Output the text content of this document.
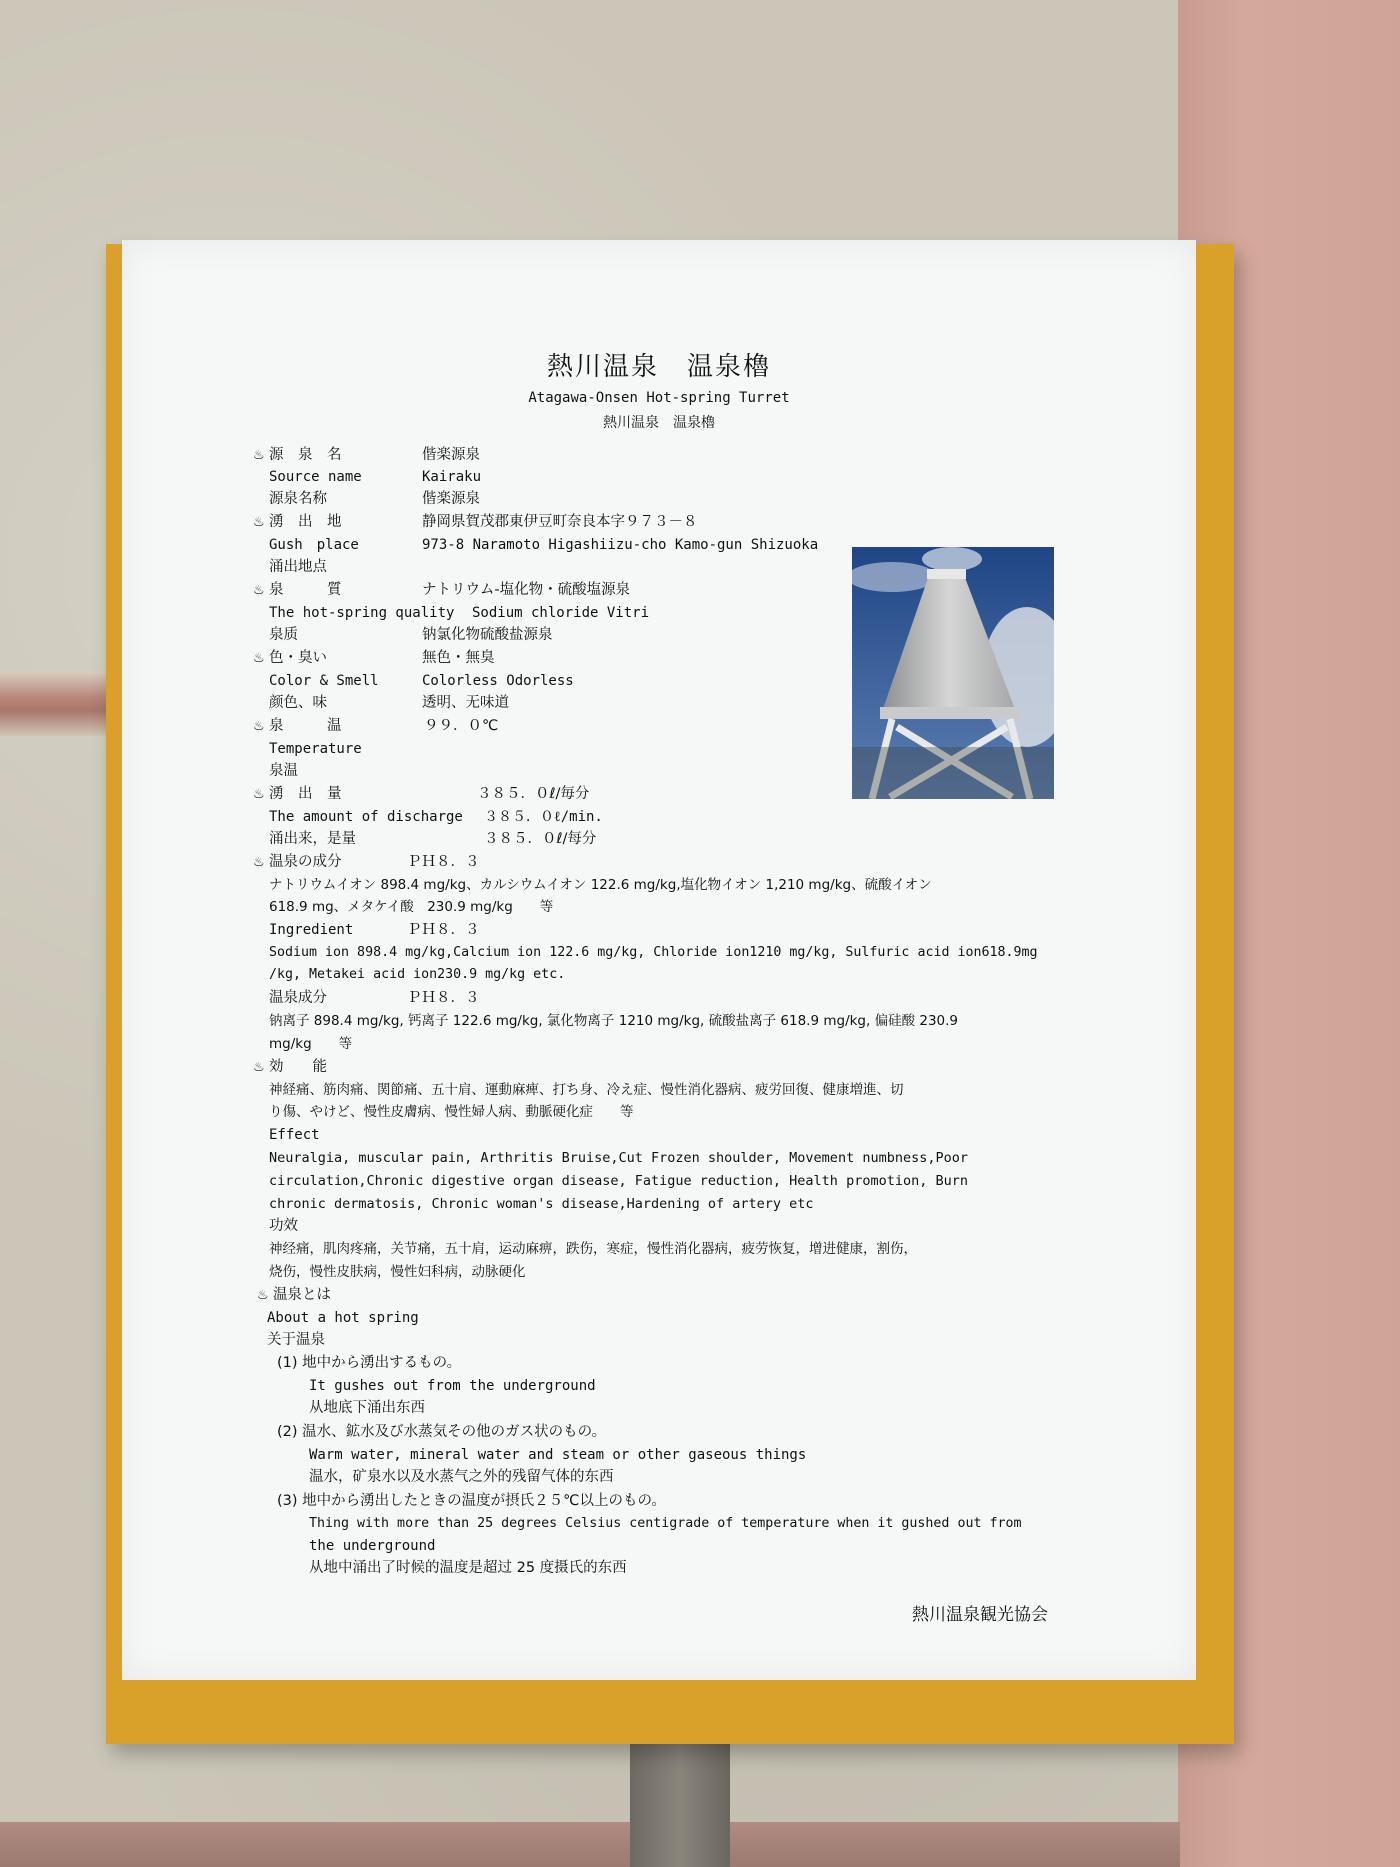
熱川温泉　温泉櫓
Atagawa-Onsen Hot-spring Turret
熱川温泉　温泉櫓
♨ 源　泉　名	偕楽源泉
Source name	Kairaku
源泉名称	偕楽源泉
♨ 湧　出　地	静岡県賀茂郡東伊豆町奈良本字９７３－８
Gush　place	973-8 Naramoto Higashiizu-cho Kamo-gun Shizuoka
涌出地点
♨ 泉　　　質	ナトリウム-塩化物・硫酸塩源泉
The hot-spring quality Sodium chloride Vitri
泉质	钠氯化物硫酸盐源泉
♨ 色・臭い	無色・無臭
Color & Smell	Colorless Odorless
颜色、味	透明、无味道
♨ 泉　　　温	９９．０℃
Temperature
泉温
♨ 湧　出　量	３８５．０ℓ/毎分
The amount of discharge ３８５．０ℓ/min.
涌出来，是量	３８５．０ℓ/每分
♨ 温泉の成分	ＰＨ８．３
ナトリウムイオン 898.4 mg/kg、カルシウムイオン 122.6 mg/kg,塩化物イオン 1,210 mg/kg、硫酸イオン
618.9 mg、メタケイ酸　230.9 mg/kg　　等
Ingredient	ＰＨ８．３
Sodium ion 898.4 mg/kg,Calcium ion 122.6 mg/kg, Chloride ion1210 mg/kg, Sulfuric acid ion618.9mg
/kg, Metakei acid ion230.9 mg/kg etc.
温泉成分	ＰＨ８．３
钠离子 898.4 mg/kg, 钙离子 122.6 mg/kg, 氯化物离子 1210 mg/kg, 硫酸盐离子 618.9 mg/kg, 偏硅酸 230.9
mg/kg　　等
♨ 効　　能
神経痛、筋肉痛、関節痛、五十肩、運動麻痺、打ち身、冷え症、慢性消化器病、疲労回復、健康増進、切
り傷、やけど、慢性皮膚病、慢性婦人病、動脈硬化症　　等
Effect
Neuralgia, muscular pain, Arthritis Bruise,Cut Frozen shoulder, Movement numbness,Poor
circulation,Chronic digestive organ disease, Fatigue reduction, Health promotion, Burn
chronic dermatosis, Chronic woman's disease,Hardening of artery etc
功效
神经痛，肌肉疼痛，关节痛，五十肩，运动麻痹，跌伤，寒症，慢性消化器病，疲劳恢复，增进健康，割伤，
烧伤，慢性皮肤病，慢性妇科病，动脉硬化
♨ 温泉とは
About a hot spring
关于温泉
(1) 地中から湧出するもの。
It gushes out from the underground
从地底下涌出东西
(2) 温水、鉱水及び水蒸気その他のガス状のもの。
Warm water, mineral water and steam or other gaseous things
温水，矿泉水以及水蒸气之外的残留气体的东西
(3) 地中から湧出したときの温度が摂氏２５℃以上のもの。
Thing with more than 25 degrees Celsius centigrade of temperature when it gushed out from
the underground
从地中涌出了时候的温度是超过 25 度摄氏的东西
熱川温泉観光協会
